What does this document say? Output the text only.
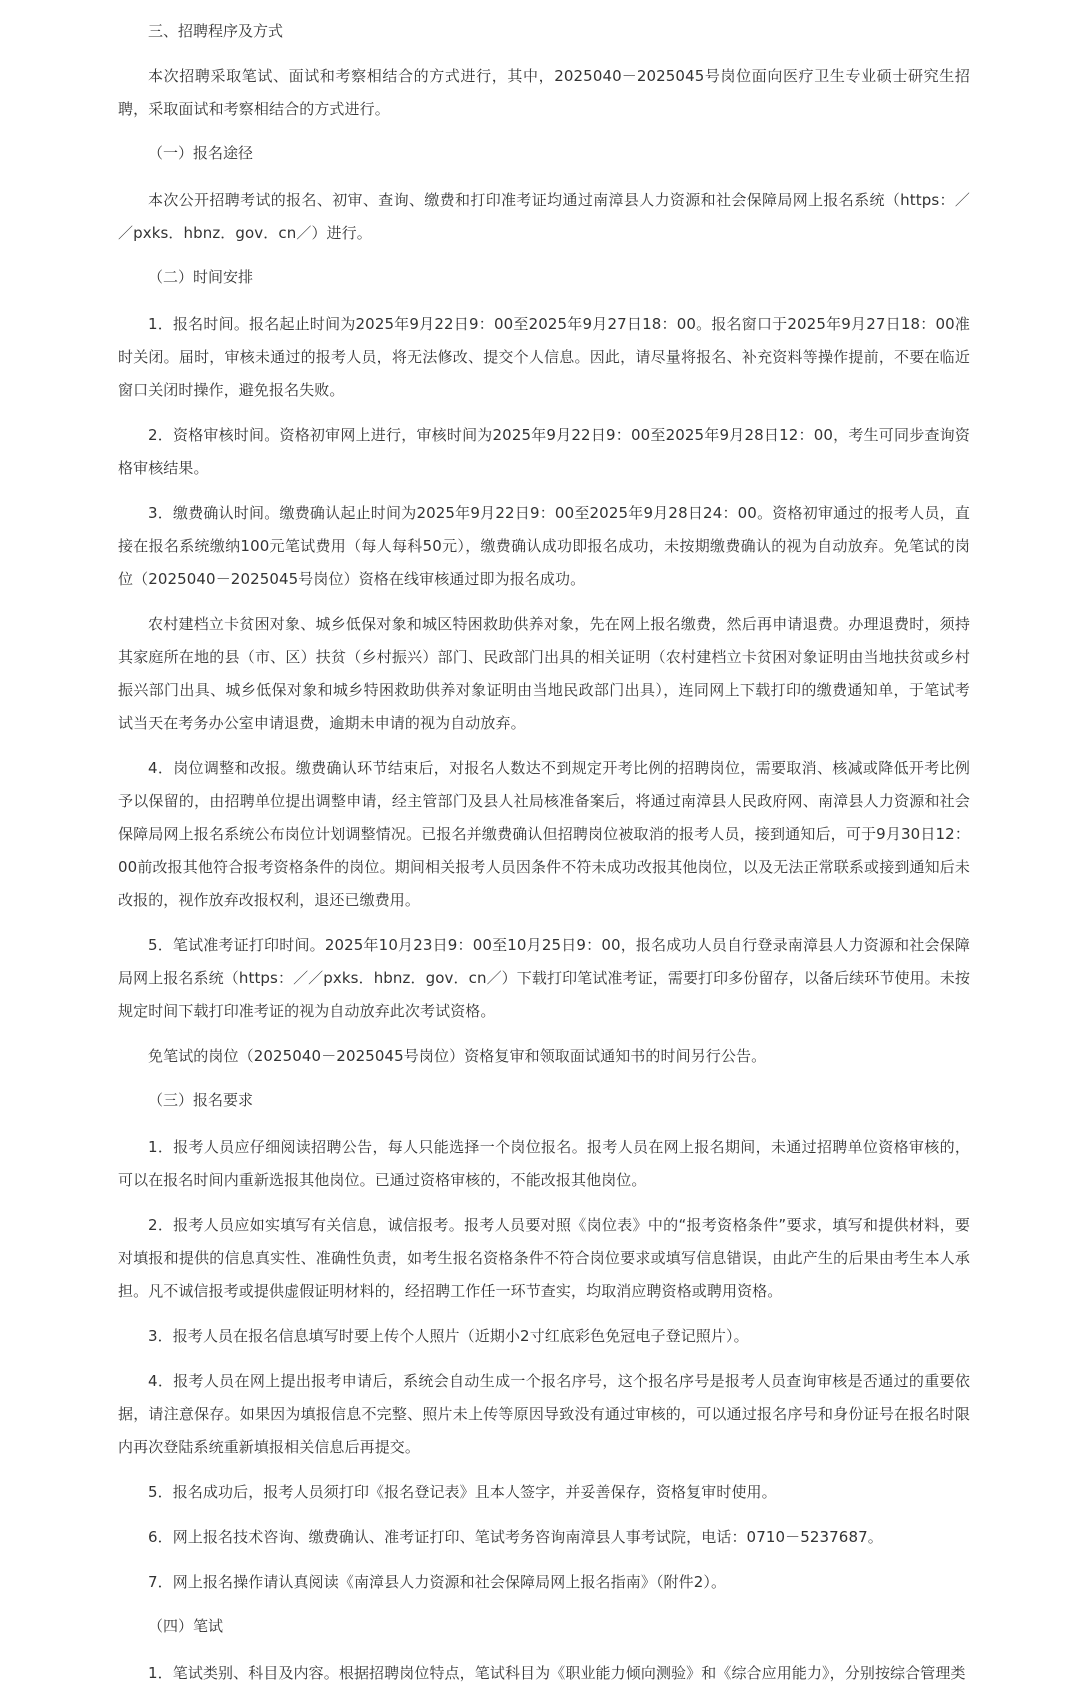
三、招聘程序及方式

本次招聘采取笔试、面试和考察相结合的方式进行，其中，2025040－2025045号岗位面向医疗卫生专业硕士研究生招聘，采取面试和考察相结合的方式进行。

（一）报名途径

本次公开招聘考试的报名、初审、查询、缴费和打印准考证均通过南漳县人力资源和社会保障局网上报名系统（https：／／pxks．hbnz．gov．cn／）进行。

（二）时间安排

1．报名时间。报名起止时间为2025年9月22日9：00至2025年9月27日18：00。报名窗口于2025年9月27日18：00准时关闭。届时，审核未通过的报考人员，将无法修改、提交个人信息。因此，请尽量将报名、补充资料等操作提前，不要在临近窗口关闭时操作，避免报名失败。

2．资格审核时间。资格初审网上进行，审核时间为2025年9月22日9：00至2025年9月28日12：00，考生可同步查询资格审核结果。

3．缴费确认时间。缴费确认起止时间为2025年9月22日9：00至2025年9月28日24：00。资格初审通过的报考人员，直接在报名系统缴纳100元笔试费用（每人每科50元），缴费确认成功即报名成功，未按期缴费确认的视为自动放弃。免笔试的岗位（2025040－2025045号岗位）资格在线审核通过即为报名成功。

农村建档立卡贫困对象、城乡低保对象和城区特困救助供养对象，先在网上报名缴费，然后再申请退费。办理退费时，须持其家庭所在地的县（市、区）扶贫（乡村振兴）部门、民政部门出具的相关证明（农村建档立卡贫困对象证明由当地扶贫或乡村振兴部门出具、城乡低保对象和城乡特困救助供养对象证明由当地民政部门出具），连同网上下载打印的缴费通知单，于笔试考试当天在考务办公室申请退费，逾期未申请的视为自动放弃。

4．岗位调整和改报。缴费确认环节结束后，对报名人数达不到规定开考比例的招聘岗位，需要取消、核减或降低开考比例予以保留的，由招聘单位提出调整申请，经主管部门及县人社局核准备案后，将通过南漳县人民政府网、南漳县人力资源和社会保障局网上报名系统公布岗位计划调整情况。已报名并缴费确认但招聘岗位被取消的报考人员，接到通知后，可于9月30日12：00前改报其他符合报考资格条件的岗位。期间相关报考人员因条件不符未成功改报其他岗位，以及无法正常联系或接到通知后未改报的，视作放弃改报权利，退还已缴费用。

5．笔试准考证打印时间。2025年10月23日9：00至10月25日9：00，报名成功人员自行登录南漳县人力资源和社会保障局网上报名系统（https：／／pxks．hbnz．gov．cn／）下载打印笔试准考证，需要打印多份留存，以备后续环节使用。未按规定时间下载打印准考证的视为自动放弃此次考试资格。

免笔试的岗位（2025040－2025045号岗位）资格复审和领取面试通知书的时间另行公告。

（三）报名要求

1．报考人员应仔细阅读招聘公告，每人只能选择一个岗位报名。报考人员在网上报名期间，未通过招聘单位资格审核的，可以在报名时间内重新选报其他岗位。已通过资格审核的，不能改报其他岗位。

2．报考人员应如实填写有关信息，诚信报考。报考人员要对照《岗位表》中的“报考资格条件”要求，填写和提供材料，要对填报和提供的信息真实性、准确性负责，如考生报名资格条件不符合岗位要求或填写信息错误，由此产生的后果由考生本人承担。凡不诚信报考或提供虚假证明材料的，经招聘工作任一环节查实，均取消应聘资格或聘用资格。

3．报考人员在报名信息填写时要上传个人照片（近期小2寸红底彩色免冠电子登记照片）。

4．报考人员在网上提出报考申请后，系统会自动生成一个报名序号，这个报名序号是报考人员查询审核是否通过的重要依据，请注意保存。如果因为填报信息不完整、照片未上传等原因导致没有通过审核的，可以通过报名序号和身份证号在报名时限内再次登陆系统重新填报相关信息后再提交。

5．报名成功后，报考人员须打印《报名登记表》且本人签字，并妥善保存，资格复审时使用。

6．网上报名技术咨询、缴费确认、准考证打印、笔试考务咨询南漳县人事考试院，电话：0710－5237687。

7．网上报名操作请认真阅读《南漳县人力资源和社会保障局网上报名指南》（附件2）。

（四）笔试

1．笔试类别、科目及内容。根据招聘岗位特点，笔试科目为《职业能力倾向测验》和《综合应用能力》，分别按综合管理类
